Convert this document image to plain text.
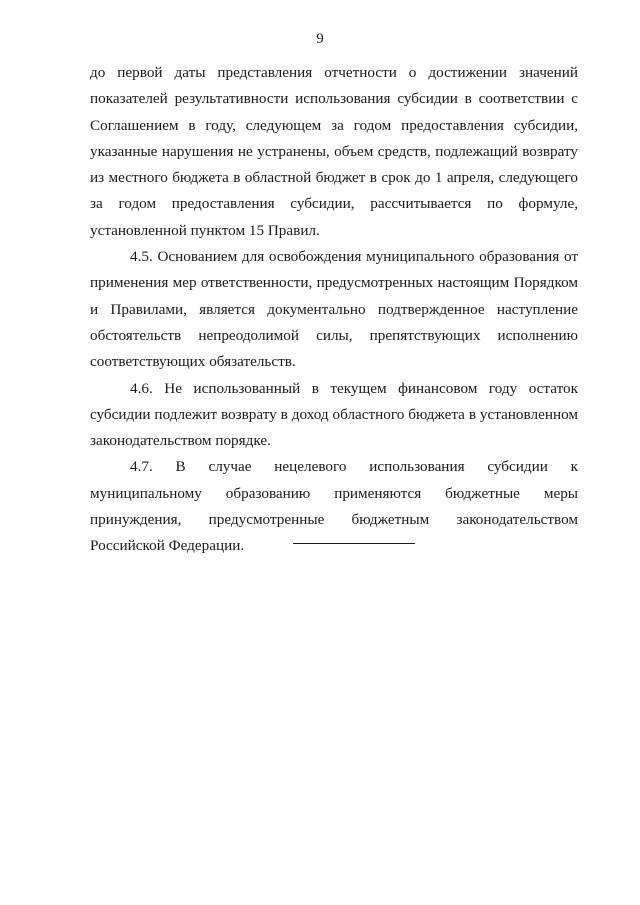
9

до первой даты представления отчетности о достижении значений показателей результативности использования субсидии в соответствии с Соглашением в году, следующем за годом предоставления субсидии, указанные нарушения не устранены, объем средств, подлежащий возврату из местного бюджета в областной бюджет в срок до 1 апреля, следующего за годом предоставления субсидии, рассчитывается по формуле, установленной пунктом 15 Правил.

4.5. Основанием для освобождения муниципального образования от применения мер ответственности, предусмотренных настоящим Порядком и Правилами, является документально подтвержденное наступление обстоятельств непреодолимой силы, препятствующих исполнению соответствующих обязательств.

4.6. Не использованный в текущем финансовом году остаток субсидии подлежит возврату в доход областного бюджета в установленном законодательством порядке.

4.7. В случае нецелевого использования субсидии к муниципальному образованию применяются бюджетные меры принуждения, предусмотренные бюджетным законодательством Российской Федерации.
